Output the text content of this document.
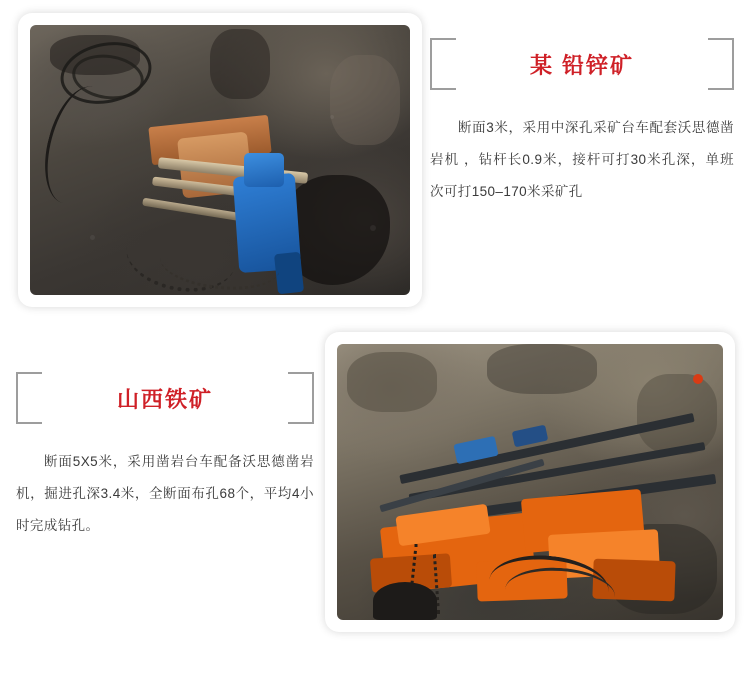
某 铅锌矿

断面3米，采用中深孔采矿台车配套沃思德凿岩机 ，钻杆长0.9米，接杆可打30米孔深，单班次可打150–170米采矿孔

山西铁矿

断面5X5米，采用凿岩台车配备沃思德凿岩机，掘进孔深3.4米，全断面布孔68个，平均4小时完成钻孔。
